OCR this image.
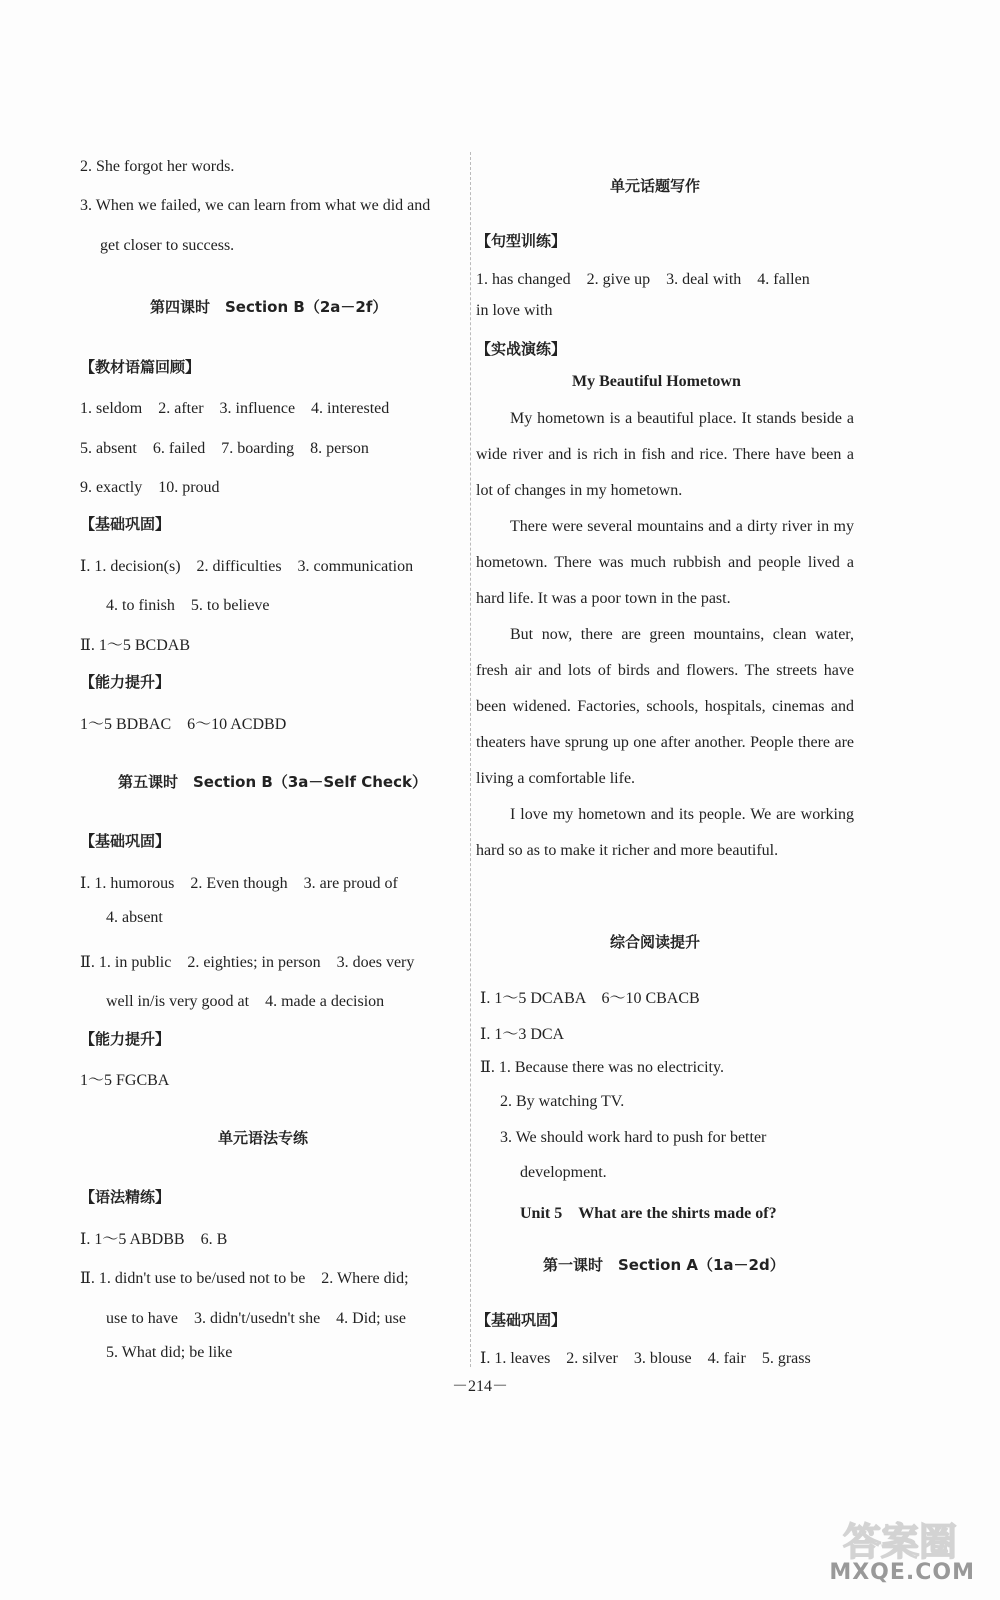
2. She forgot her words.
3. When we failed, we can learn from what we did and
get closer to success.
第四课时　Section B（2a－2f）
【教材语篇回顾】
1. seldom　2. after　3. influence　4. interested
5. absent　6. failed　7. boarding　8. person
9. exactly　10. proud
【基础巩固】
Ⅰ. 1. decision(s)　2. difficulties　3. communication
4. to finish　5. to believe
Ⅱ. 1～5 BCDAB
【能力提升】
1～5 BDBAC　6～10 ACDBD
第五课时　Section B（3a－Self Check）
【基础巩固】
Ⅰ. 1. humorous　2. Even though　3. are proud of
4. absent
Ⅱ. 1. in public　2. eighties; in person　3. does very
well in/is very good at　4. made a decision
【能力提升】
1～5 FGCBA
单元语法专练
【语法精练】
Ⅰ. 1～5 ABDBB　6. B
Ⅱ. 1. didn't use to be/used not to be　2. Where did;
use to have　3. didn't/usedn't she　4. Did; use
5. What did; be like
单元话题写作
【句型训练】
1. has changed　2. give up　3. deal with　4. fallen
in love with
【实战演练】
My Beautiful Hometown

My hometown is a beautiful place. It stands beside a wide river and is rich in fish and rice. There have been a lot of changes in my hometown.

There were several mountains and a dirty river in my hometown. There was much rubbish and people lived a hard life. It was a poor town in the past.

But now, there are green mountains, clean water, fresh air and lots of birds and flowers. The streets have been widened. Factories, schools, hospitals, cinemas and theaters have sprung up one after another. People there are living a comfortable life.

I love my hometown and its people. We are working hard so as to make it richer and more beautiful.

综合阅读提升
Ⅰ. 1～5 DCABA　6～10 CBACB
Ⅰ. 1～3 DCA
Ⅱ. 1. Because there was no electricity.
2. By watching TV.
3. We should work hard to push for better
development.
Unit 5　What are the shirts made of?
第一课时　Section A（1a－2d）
【基础巩固】
Ⅰ. 1. leaves　2. silver　3. blouse　4. fair　5. grass
－214－
答案圈
MXQE.COM
